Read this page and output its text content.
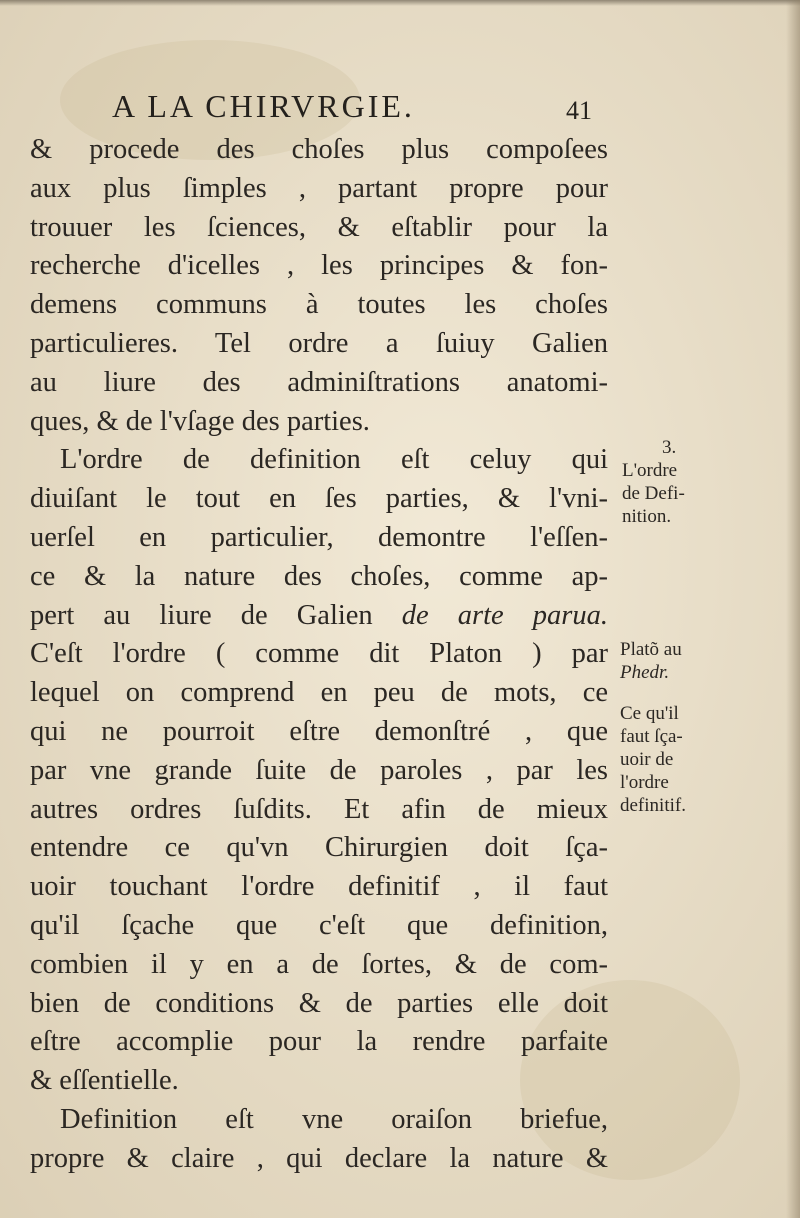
A LA CHIRVRGIE.	41
& procede des choſes plus compoſees
aux plus ſimples , partant propre pour
trouuer les ſciences, & eſtablir pour la
recherche d'icelles , les principes & fon-
demens communs à toutes les choſes
particulieres. Tel ordre a ſuiuy Galien
au liure des adminiſtrations anatomi-
ques, & de l'vſage des parties.
L'ordre de definition eſt celuy qui
diuiſant le tout en ſes parties, & l'vni-
uerſel en particulier, demontre l'eſſen-
ce & la nature des choſes, comme ap-
pert au liure de Galien de arte parua.
C'eſt l'ordre ( comme dit Platon ) par
lequel on comprend en peu de mots, ce
qui ne pourroit eſtre demonſtré , que
par vne grande ſuite de paroles , par les
autres ordres ſuſdits. Et afin de mieux
entendre ce qu'vn Chirurgien doit ſça-
uoir touchant l'ordre definitif , il faut
qu'il ſçache que c'eſt que definition,
combien il y en a de ſortes, & de com-
bien de conditions & de parties elle doit
eſtre accomplie pour la rendre parfaite
& eſſentielle.
Definition eſt vne oraiſon briefue,
propre & claire , qui declare la nature &
3.
L'ordre
de Defi-
nition.
Platõ au
Phedr.
Ce qu'il
faut ſça-
uoir de
l'ordre
definitif.
